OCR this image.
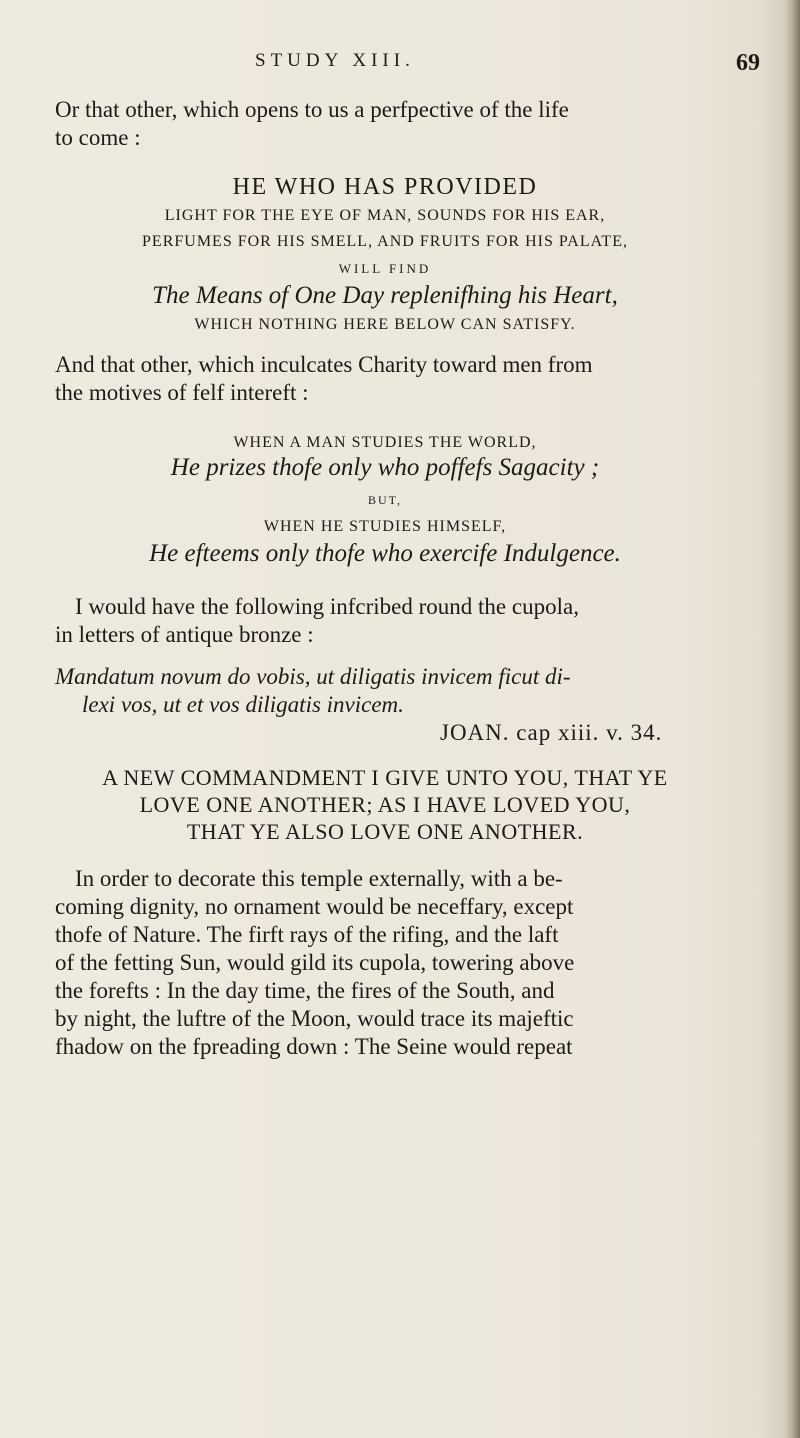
STUDY XIII.	69
Or that other, which opens to us a perfpective of the life
to come :
HE WHO HAS PROVIDED
LIGHT FOR THE EYE OF MAN, SOUNDS FOR HIS EAR,
PERFUMES FOR HIS SMELL, AND FRUITS FOR HIS PALATE,
WILL FIND
The Means of One Day replenifhing his Heart,
WHICH NOTHING HERE BELOW CAN SATISFY.
And that other, which inculcates Charity toward men from
the motives of felf intereft :
WHEN A MAN STUDIES THE WORLD,
He prizes thofe only who poffefs Sagacity ;
BUT,
WHEN HE STUDIES HIMSELF,
He efteems only thofe who exercife Indulgence.
I would have the following infcribed round the cupola,
in letters of antique bronze :
Mandatum novum do vobis, ut diligatis invicem ficut di-
lexi vos, ut et vos diligatis invicem.
JOAN. cap xiii. v. 34.
A NEW COMMANDMENT I GIVE UNTO YOU, THAT YE
LOVE ONE ANOTHER; AS I HAVE LOVED YOU,
THAT YE ALSO LOVE ONE ANOTHER.
In order to decorate this temple externally, with a be-
coming dignity, no ornament would be neceffary, except
thofe of Nature. The firft rays of the rifing, and the laft
of the fetting Sun, would gild its cupola, towering above
the forefts : In the day time, the fires of the South, and
by night, the luftre of the Moon, would trace its majeftic
fhadow on the fpreading down : The Seine would repeat
